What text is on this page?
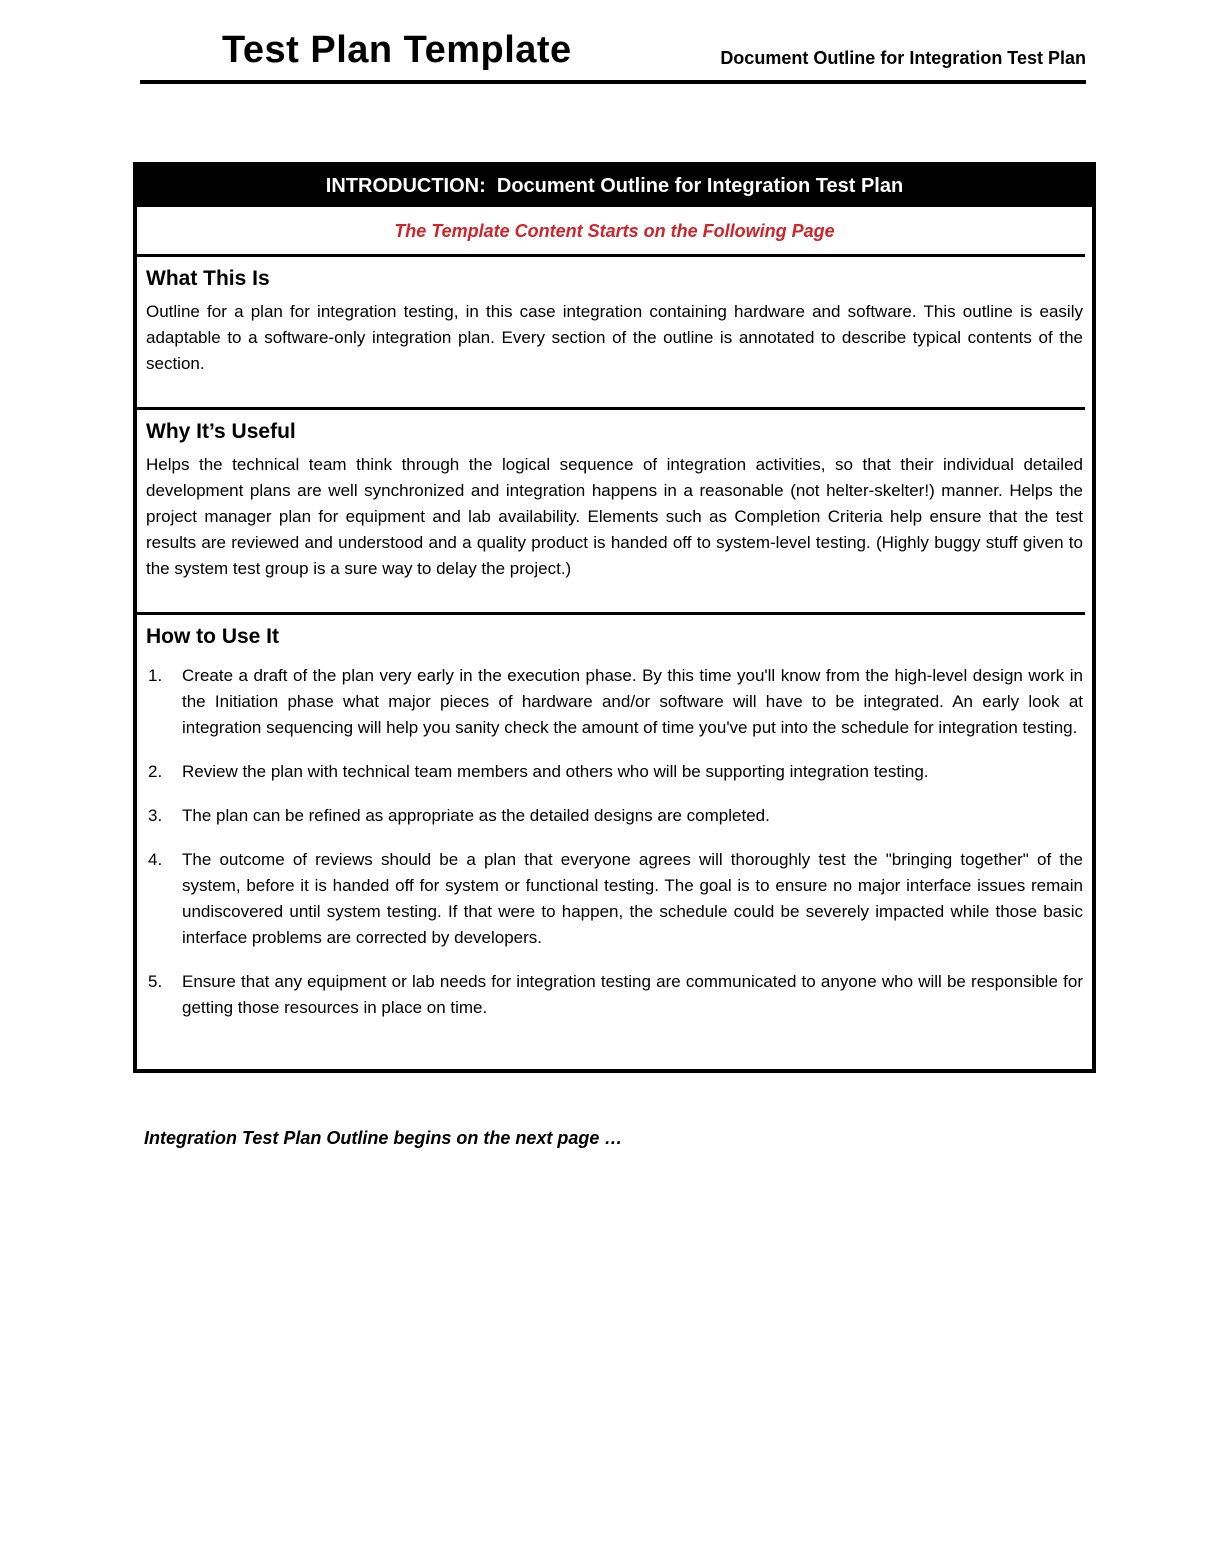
Test Plan Template	Document Outline for Integration Test Plan
INTRODUCTION:  Document Outline for Integration Test Plan
The Template Content Starts on the Following Page
What This Is

Outline for a plan for integration testing, in this case integration containing hardware and software. This outline is easily adaptable to a software-only integration plan. Every section of the outline is annotated to describe typical contents of the section.

Why It’s Useful

Helps the technical team think through the logical sequence of integration activities, so that their individual detailed development plans are well synchronized and integration happens in a reasonable (not helter-skelter!) manner. Helps the project manager plan for equipment and lab availability. Elements such as Completion Criteria help ensure that the test results are reviewed and understood and a quality product is handed off to system-level testing. (Highly buggy stuff given to the system test group is a sure way to delay the project.)

How to Use It
Create a draft of the plan very early in the execution phase. By this time you'll know from the high-level design work in the Initiation phase what major pieces of hardware and/or software will have to be integrated. An early look at integration sequencing will help you sanity check the amount of time you've put into the schedule for integration testing.
Review the plan with technical team members and others who will be supporting integration testing.
The plan can be refined as appropriate as the detailed designs are completed.
The outcome of reviews should be a plan that everyone agrees will thoroughly test the "bringing together" of the system, before it is handed off for system or functional testing. The goal is to ensure no major interface issues remain undiscovered until system testing. If that were to happen, the schedule could be severely impacted while those basic interface problems are corrected by developers.
Ensure that any equipment or lab needs for integration testing are communicated to anyone who will be responsible for getting those resources in place on time.

Integration Test Plan Outline begins on the next page …
